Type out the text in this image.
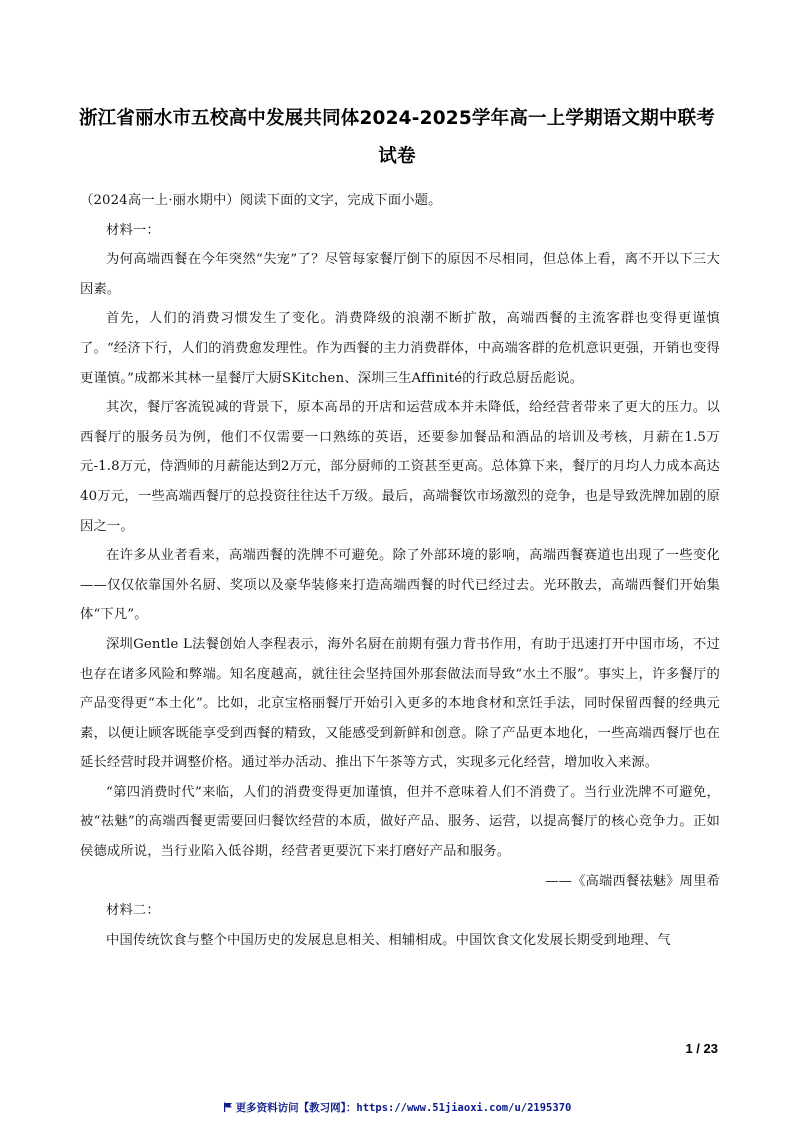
浙江省丽水市五校高中发展共同体2024-2025学年高一上学期语文期中联考试卷

（2024高一上·丽水期中）阅读下面的文字，完成下面小题。

材料一：

为何高端西餐在今年突然“失宠”了？尽管每家餐厅倒下的原因不尽相同，但总体上看，离不开以下三大因素。

首先，人们的消费习惯发生了变化。消费降级的浪潮不断扩散，高端西餐的主流客群也变得更谨慎了。“经济下行，人们的消费愈发理性。作为西餐的主力消费群体，中高端客群的危机意识更强，开销也变得更谨慎。”成都米其林一星餐厅大厨SKitchen、深圳三生Affinité的行政总厨岳彪说。

其次，餐厅客流锐减的背景下，原本高昂的开店和运营成本并未降低，给经营者带来了更大的压力。以西餐厅的服务员为例，他们不仅需要一口熟练的英语，还要参加餐品和酒品的培训及考核，月薪在1.5万元-1.8万元，侍酒师的月薪能达到2万元，部分厨师的工资甚至更高。总体算下来，餐厅的月均人力成本高达40万元，一些高端西餐厅的总投资往往达千万级。最后，高端餐饮市场激烈的竞争，也是导致洗牌加剧的原因之一。

在许多从业者看来，高端西餐的洗牌不可避免。除了外部环境的影响，高端西餐赛道也出现了一些变化——仅仅依靠国外名厨、奖项以及豪华装修来打造高端西餐的时代已经过去。光环散去，高端西餐们开始集体“下凡”。

深圳Gentle L法餐创始人李程表示，海外名厨在前期有强力背书作用，有助于迅速打开中国市场，不过也存在诸多风险和弊端。知名度越高，就往往会坚持国外那套做法而导致“水土不服”。事实上，许多餐厅的产品变得更“本土化”。比如，北京宝格丽餐厅开始引入更多的本地食材和烹饪手法，同时保留西餐的经典元素，以便让顾客既能享受到西餐的精致，又能感受到新鲜和创意。除了产品更本地化，一些高端西餐厅也在延长经营时段并调整价格。通过举办活动、推出下午茶等方式，实现多元化经营，增加收入来源。

“第四消费时代”来临，人们的消费变得更加谨慎，但并不意味着人们不消费了。当行业洗牌不可避免，被“祛魅”的高端西餐更需要回归餐饮经营的本质，做好产品、服务、运营，以提高餐厅的核心竞争力。正如侯德成所说，当行业陷入低谷期，经营者更要沉下来打磨好产品和服务。

——《高端西餐祛魅》周里希

材料二：

中国传统饮食与整个中国历史的发展息息相关、相辅相成。中国饮食文化发展长期受到地理、气

1 / 23
更多资料访问【教习网】：https://www.51jiaoxi.com/u/2195370
